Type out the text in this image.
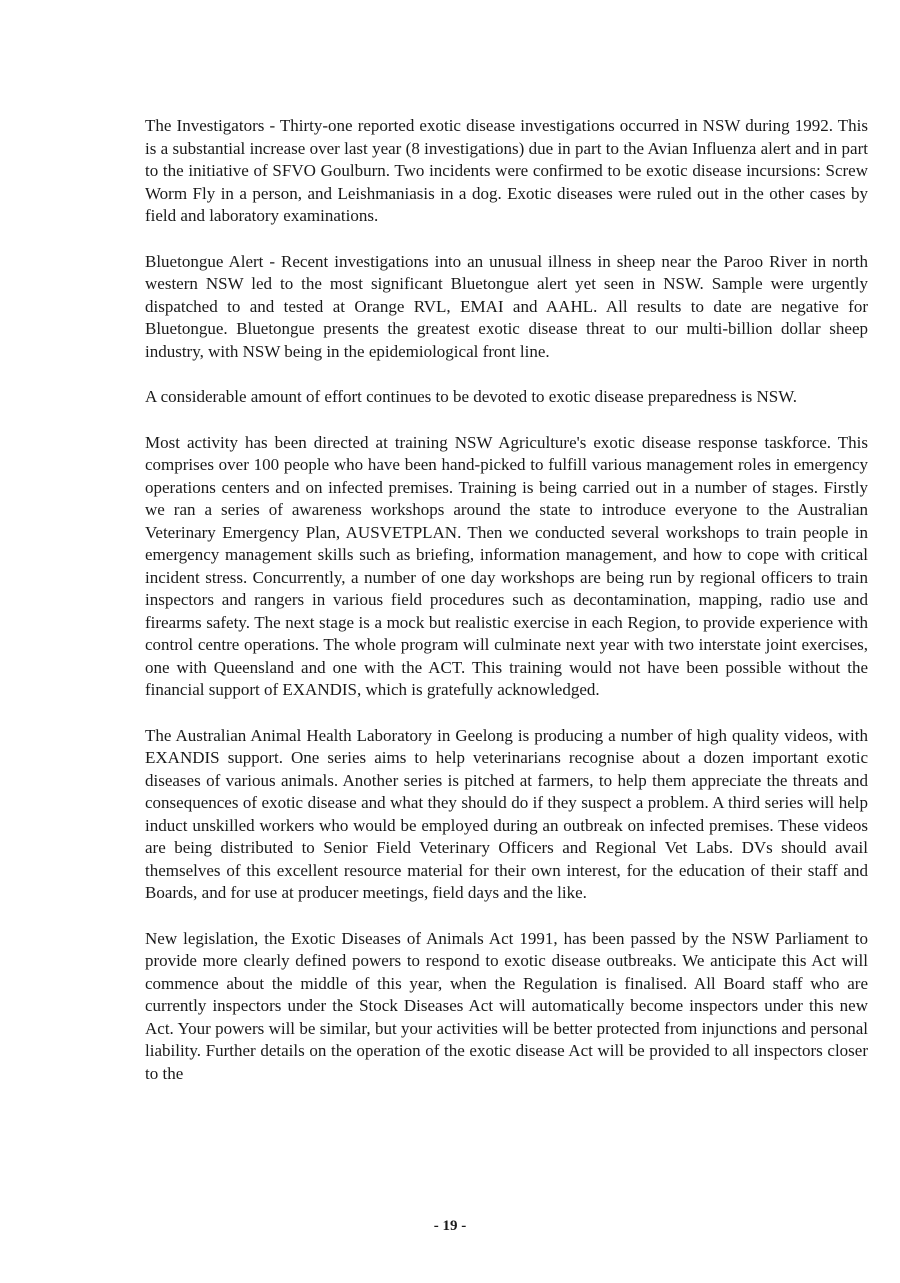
The Investigators - Thirty-one reported exotic disease investigations occurred in NSW during 1992. This is a substantial increase over last year (8 investigations) due in part to the Avian Influenza alert and in part to the initiative of SFVO Goulburn. Two incidents were confirmed to be exotic disease incursions: Screw Worm Fly in a person, and Leishmaniasis in a dog. Exotic diseases were ruled out in the other cases by field and laboratory examinations.

Bluetongue Alert - Recent investigations into an unusual illness in sheep near the Paroo River in north western NSW led to the most significant Bluetongue alert yet seen in NSW. Sample were urgently dispatched to and tested at Orange RVL, EMAI and AAHL. All results to date are negative for Bluetongue. Bluetongue presents the greatest exotic disease threat to our multi-billion dollar sheep industry, with NSW being in the epidemiological front line.

A considerable amount of effort continues to be devoted to exotic disease preparedness is NSW.

Most activity has been directed at training NSW Agriculture's exotic disease response taskforce. This comprises over 100 people who have been hand-picked to fulfill various management roles in emergency operations centers and on infected premises. Training is being carried out in a number of stages. Firstly we ran a series of awareness workshops around the state to introduce everyone to the Australian Veterinary Emergency Plan, AUSVETPLAN. Then we conducted several workshops to train people in emergency management skills such as briefing, information management, and how to cope with critical incident stress. Concurrently, a number of one day workshops are being run by regional officers to train inspectors and rangers in various field procedures such as decontamination, mapping, radio use and firearms safety. The next stage is a mock but realistic exercise in each Region, to provide experience with control centre operations. The whole program will culminate next year with two interstate joint exercises, one with Queensland and one with the ACT. This training would not have been possible without the financial support of EXANDIS, which is gratefully acknowledged.

The Australian Animal Health Laboratory in Geelong is producing a number of high quality videos, with EXANDIS support. One series aims to help veterinarians recognise about a dozen important exotic diseases of various animals. Another series is pitched at farmers, to help them appreciate the threats and consequences of exotic disease and what they should do if they suspect a problem. A third series will help induct unskilled workers who would be employed during an outbreak on infected premises. These videos are being distributed to Senior Field Veterinary Officers and Regional Vet Labs. DVs should avail themselves of this excellent resource material for their own interest, for the education of their staff and Boards, and for use at producer meetings, field days and the like.

New legislation, the Exotic Diseases of Animals Act 1991, has been passed by the NSW Parliament to provide more clearly defined powers to respond to exotic disease outbreaks. We anticipate this Act will commence about the middle of this year, when the Regulation is finalised. All Board staff who are currently inspectors under the Stock Diseases Act will automatically become inspectors under this new Act. Your powers will be similar, but your activities will be better protected from injunctions and personal liability. Further details on the operation of the exotic disease Act will be provided to all inspectors closer to the

- 19 -
